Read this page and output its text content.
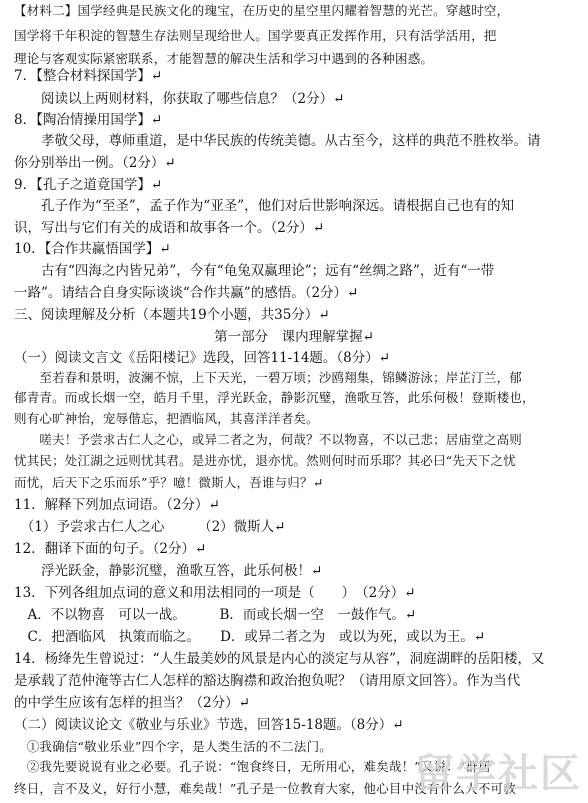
【材料二】国学经典是民族文化的瑰宝，在历史的星空里闪耀着智慧的光芒。穿越时空，
国学将千年积淀的智慧生存法则呈现给世人。国学要真正发挥作用，只有活学活用，把
理论与客观实际紧密联系，才能智慧的解决生活和学习中遇到的各种困惑。
7．【整合材料探国学】↵
　　阅读以上两则材料，你获取了哪些信息？（2分）↵
8．【陶冶情操用国学】↵
　　孝敬父母，尊师重道，是中华民族的传统美德。从古至今，这样的典范不胜枚举。请
你分别举出一例。（2分）↵
9．【孔子之道竟国学】↵
　　孔子作为“至圣”，孟子作为“亚圣”，他们对后世影响深远。请根据自己也有的知
识，写出与它们有关的成语和故事各一个。（2分）↵
10．【合作共赢悟国学】↵
　　古有“四海之内皆兄弟”，今有“龟兔双赢理论”；远有“丝绸之路”，近有“一带
一路”。请结合自身实际谈谈“合作共赢”的感悟。（2分）↵
三、阅读理解及分析（本题共19个小题，共35分）↵
第一部分　课内理解掌握↵
（一）阅读文言文《岳阳楼记》选段，回答11-14题。（8分）↵
　　至若春和景明，波澜不惊，上下天光，一碧万顷；沙鸥翔集，锦鳞游泳；岸芷汀兰，郁
郁青青。而或长烟一空，皓月千里，浮光跃金，静影沉璧，渔歌互答，此乐何极！登斯楼也，
则有心旷神怡，宠辱偕忘，把酒临风，其喜洋洋者矣。
　　嗟夫！予尝求古仁人之心，或异二者之为，何哉？不以物喜，不以己悲；居庙堂之高则
忧其民；处江湖之远则忧其君。是进亦忧，退亦忧。然则何时而乐耶？其必曰“先天下之忧
而忧，后天下之乐而乐”乎？噫！微斯人，吾谁与归？↵
11．解释下列加点词语。（2分）↵
　（1）予尝求古仁人之心　　　（2）微斯人↵
12．翻译下面的句子。（2分）↵
　　浮光跃金，静影沉璧，渔歌互答，此乐何极！↵
13．下列各组加点词的意义和用法相同的一项是（　　）　（2分）↵
　A．不以物喜　可以一战。　　　B．而或长烟一空　一鼓作气。↵
　C．把酒临风　执策而临之。　　D．或异二者之为　或以为死，或以为王。↵
14．杨绛先生曾说过：“人生最美妙的风景是内心的淡定与从容”，洞庭湖畔的岳阳楼，又
是承载了范仲淹等古仁人怎样的豁达胸襟和政治抱负呢？（请用原文回答）。作为当代
的中学生应该有怎样的担当？（2分）↵
（二）阅读议论文《敬业与乐业》节选，回答15-18题。（8分）↵
　①我确信“敬业乐业”四个字，是人类生活的不二法门。
　②我先要说说有业之必要。孔子说：“饱食终日，无所用心，难矣哉！”又说：“群居
终日，言不及义，好行小慧，难矣哉！”孔子是一位教育大家，他心目中没有什么人不可教
留学社区
